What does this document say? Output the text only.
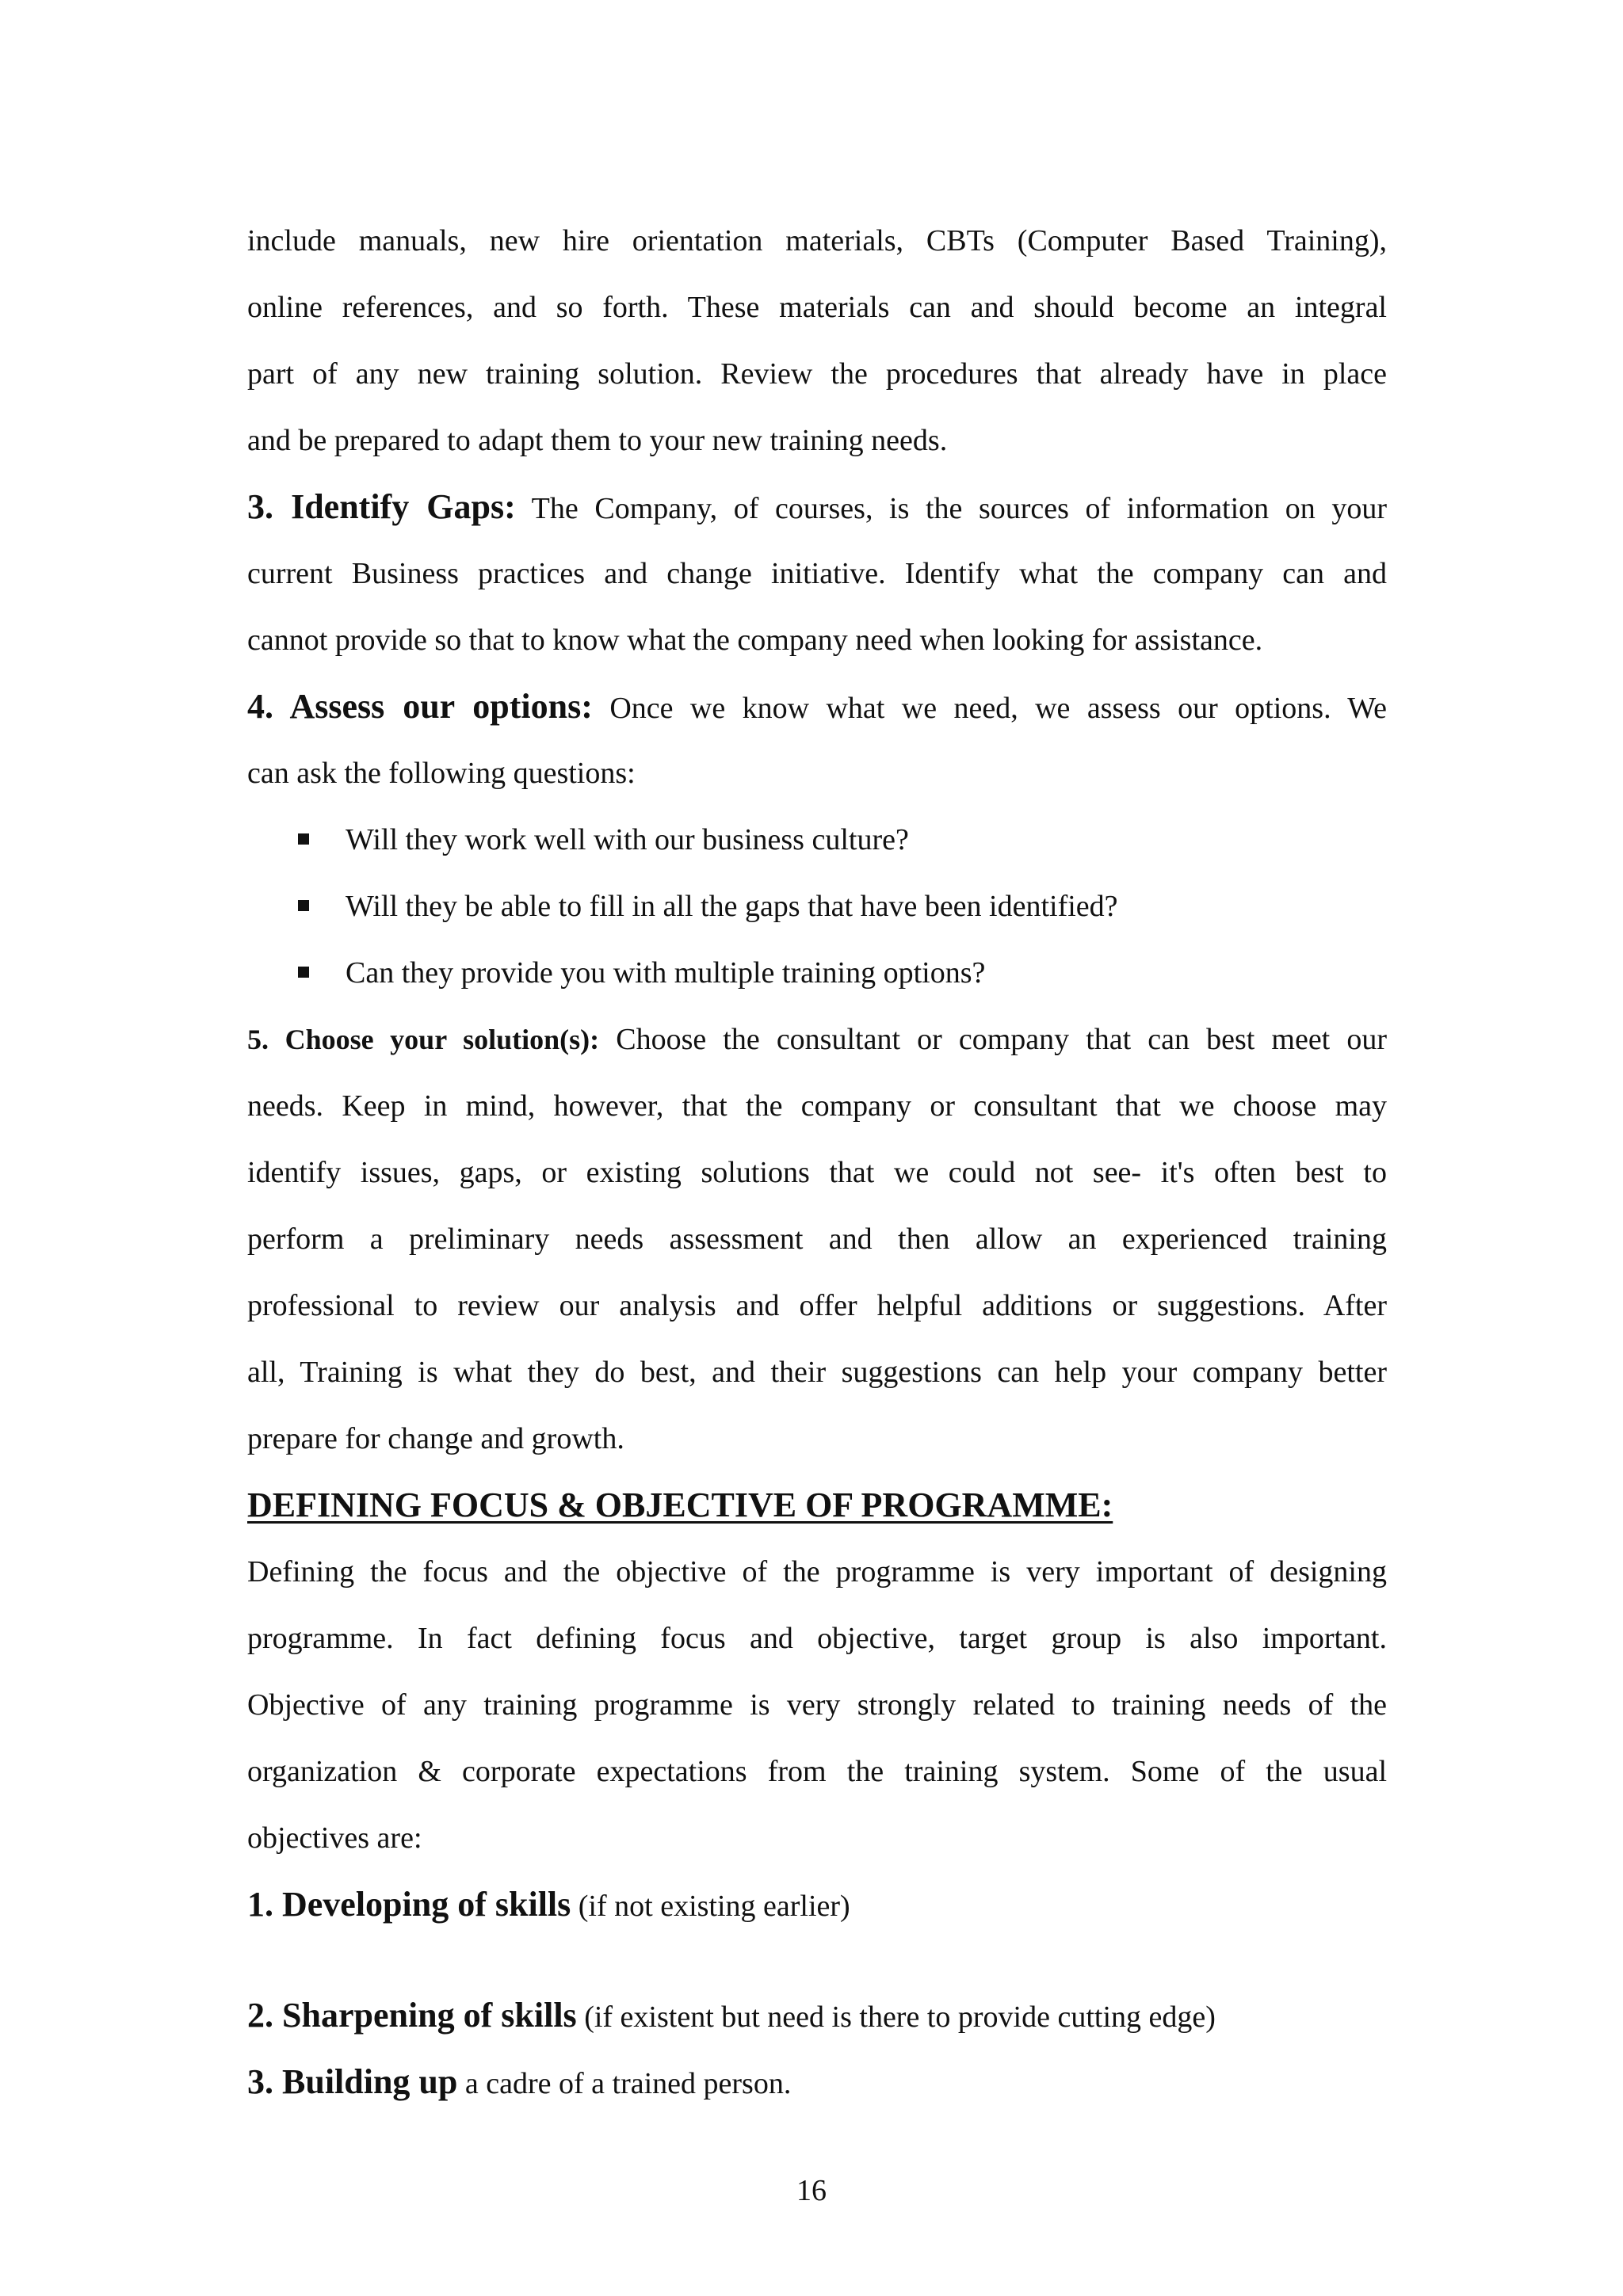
include manuals, new hire orientation materials, CBTs (Computer Based Training),

online references, and so forth. These materials can and should become an integral

part of any new training solution. Review the procedures that already have in place

and be prepared to adapt them to your new training needs.

3. Identify Gaps: The Company, of courses, is the sources of information on your

current Business practices and change initiative. Identify what the company can and

cannot provide so that to know what the company need when looking for assistance.

4. Assess our options: Once we know what we need, we assess our options. We

can ask the following questions:

Will they work well with our business culture?
Will they be able to fill in all the gaps that have been identified?
Can they provide you with multiple training options?

5. Choose your solution(s): Choose the consultant or company that can best meet our

needs. Keep in mind, however, that the company or consultant that we choose may

identify issues, gaps, or existing solutions that we could not see- it's often best to

perform a preliminary needs assessment and then allow an experienced training

professional to review our analysis and offer helpful additions or suggestions. After

all, Training is what they do best, and their suggestions can help your company better

prepare for change and growth.

DEFINING FOCUS & OBJECTIVE OF PROGRAMME:

Defining the focus and the objective of the programme is very important of designing

programme. In fact defining focus and objective, target group is also important.

Objective of any training programme is very strongly related to training needs of the

organization & corporate expectations from the training system. Some of the usual

objectives are:

1. Developing of skills (if not existing earlier)

2. Sharpening of skills (if existent but need is there to provide cutting edge)

3. Building up a cadre of a trained person.

16
